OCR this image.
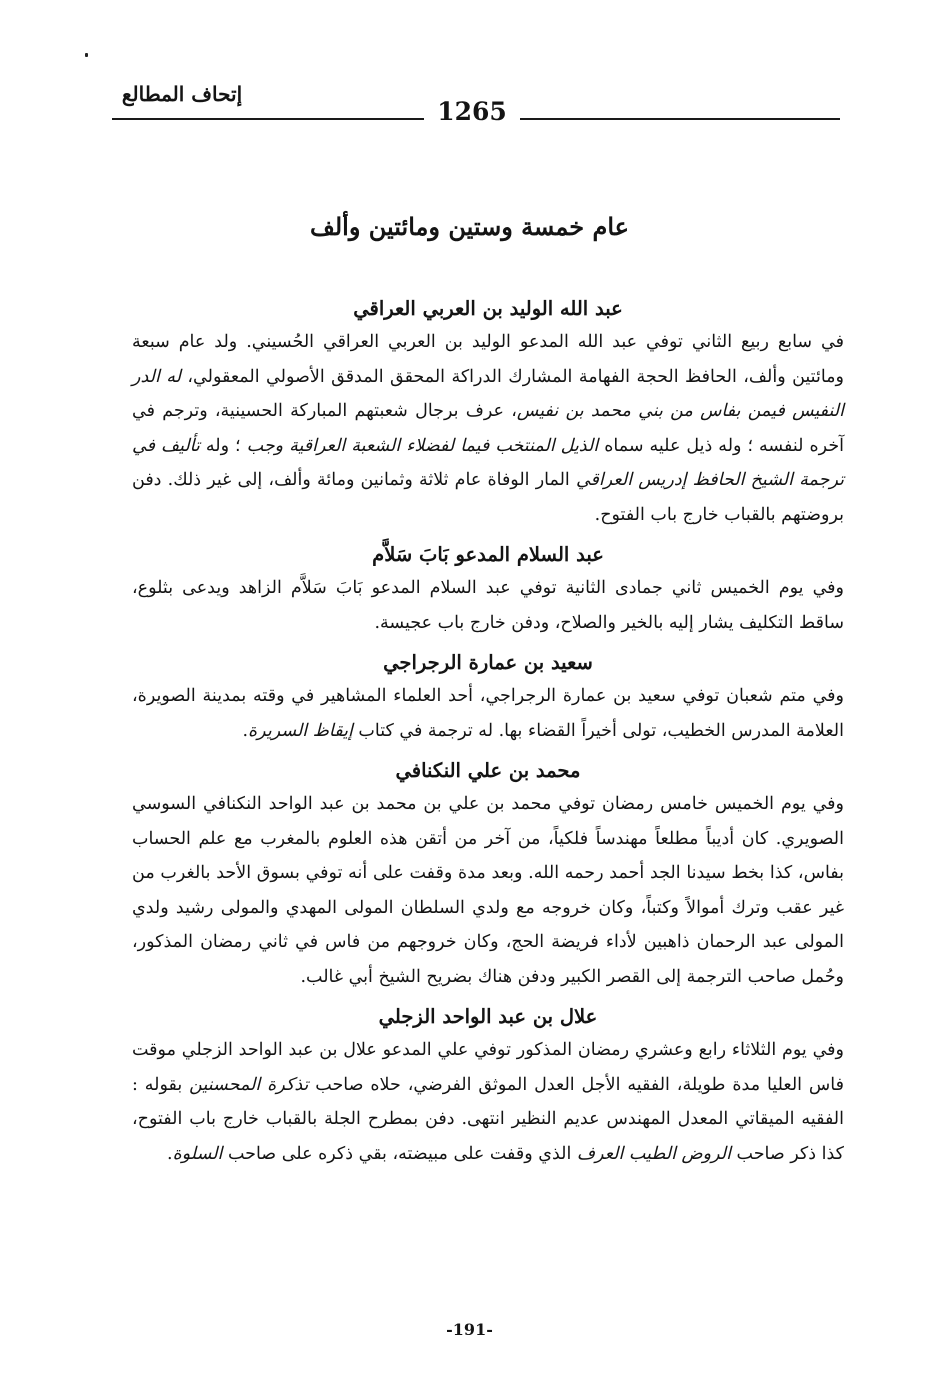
إتحاف المطالع

1265

عام خمسة وستين ومائتين وألف
عبد الله الوليد بن العربي العراقي

في سابع ربيع الثاني توفي عبد الله المدعو الوليد بن العربي العراقي الحُسيني. ولد عام سبعة ومائتين وألف، الحافظ الحجة الفهامة المشارك الدراكة المحقق المدقق الأصولي المعقولي، له الدر النفيس فيمن بفاس من بني محمد بن نفيس، عرف برجال شعبتهم المباركة الحسينية، وترجم في آخره لنفسه ؛ وله ذيل عليه سماه الذيل المنتخب فيما لفضلاء الشعبة العراقية وجب ؛ وله تأليف في ترجمة الشيخ الحافظ إدريس العراقي المار الوفاة عام ثلاثة وثمانين ومائة وألف، إلى غير ذلك. دفن بروضتهم بالقباب خارج باب الفتوح.

عبد السلام المدعو بَابَ سَلاَّم

وفي يوم الخميس ثاني جمادى الثانية توفي عبد السلام المدعو بَابَ سَلاَّم الزاهد ويدعى بثلوع، ساقط التكليف يشار إليه بالخير والصلاح، ودفن خارج باب عجيسة.

سعيد بن عمارة الرجراجي

وفي متم شعبان توفي سعيد بن عمارة الرجراجي، أحد العلماء المشاهير في وقته بمدينة الصويرة، العلامة المدرس الخطيب، تولى أخيراً القضاء بها. له ترجمة في كتاب إيقاظ السريرة.

محمد بن علي النكنافي

وفي يوم الخميس خامس رمضان توفي محمد بن علي بن محمد بن عبد الواحد النكنافي السوسي الصويري. كان أديباً مطلعاً مهندساً فلكياً، من آخر من أتقن هذه العلوم بالمغرب مع علم الحساب بفاس، كذا بخط سيدنا الجد أحمد رحمه الله. وبعد مدة وقفت على أنه توفي بسوق الأحد بالغرب من غير عقب وترك أموالاً وكتباً، وكان خروجه مع ولدي السلطان المولى المهدي والمولى رشيد ولدي المولى عبد الرحمان ذاهبين لأداء فريضة الحج، وكان خروجهم من فاس في ثاني رمضان المذكور، وحُمل صاحب الترجمة إلى القصر الكبير ودفن هناك بضريح الشيخ أبي غالب.

علال بن عبد الواحد الزجلي

وفي يوم الثلاثاء رابع وعشري رمضان المذكور توفي علي المدعو علال بن عبد الواحد الزجلي موقت فاس العليا مدة طويلة، الفقيه الأجل العدل الموثق الفرضي، حلاه صاحب تذكرة المحسنين بقوله : الفقيه الميقاتي المعدل المهندس عديم النظير انتهى. دفن بمطرح الجلة بالقباب خارج باب الفتوح، كذا ذكر صاحب الروض الطيب العرف الذي وقفت على مبيضته، بقي ذكره على صاحب السلوة.

-191-
